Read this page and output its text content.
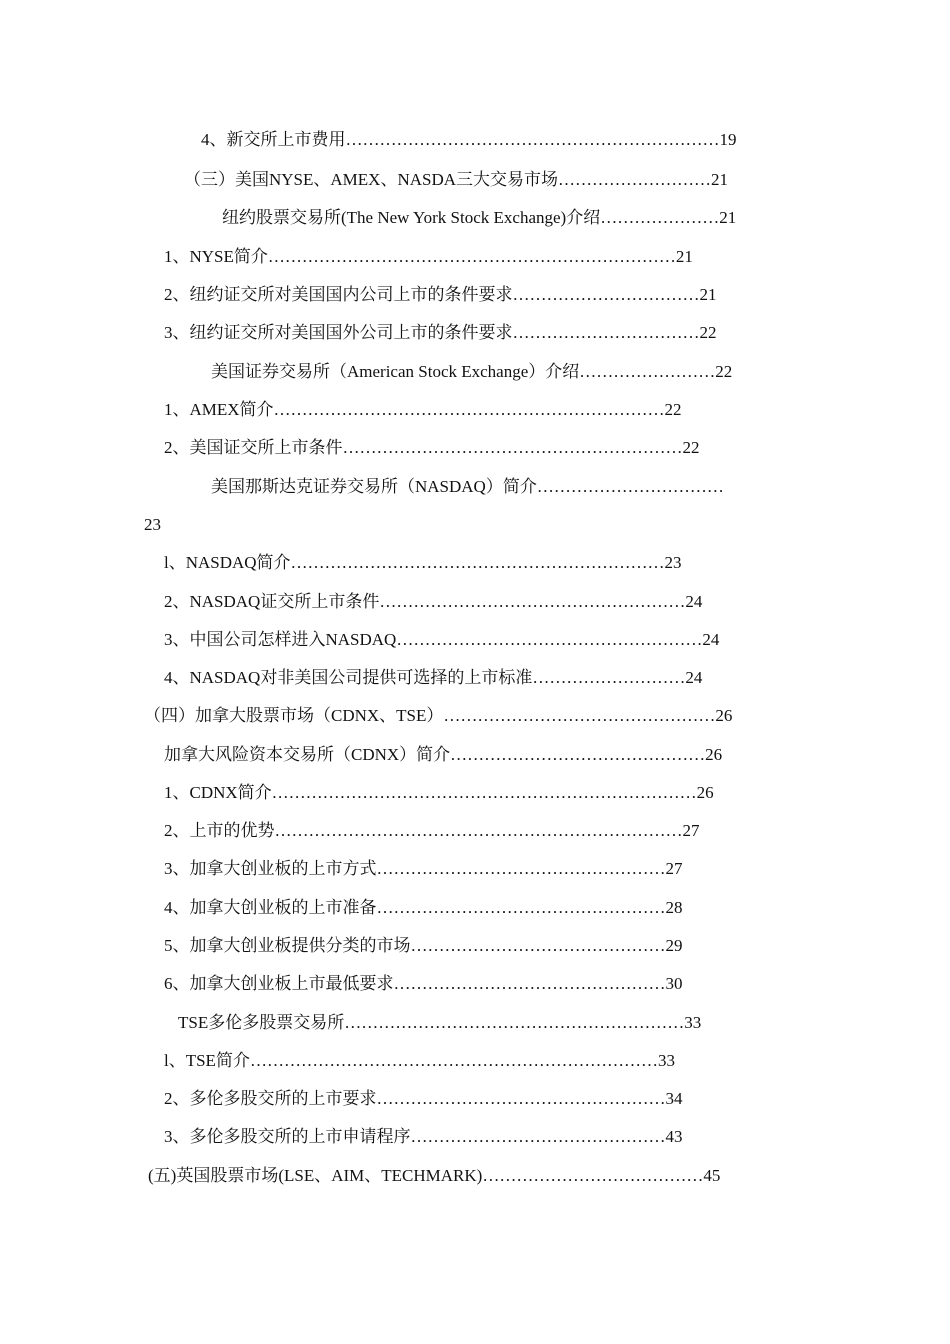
4、新交所上市费用…………………………………………………………19
（三）美国NYSE、AMEX、NASDA三大交易市场………………………21
纽约股票交易所(The New York Stock Exchange)介绍…………………21
1、NYSE简介………………………………………………………………21
2、纽约证交所对美国国内公司上市的条件要求……………………………21
3、纽约证交所对美国国外公司上市的条件要求……………………………22
美国证券交易所（American Stock Exchange）介绍……………………22
1、AMEX简介……………………………………………………………22
2、美国证交所上市条件……………………………………………………22
美国那斯达克证券交易所（NASDAQ）简介……………………………
23
l、NASDAQ简介…………………………………………………………23
2、NASDAQ证交所上市条件………………………………………………24
3、中国公司怎样进入NASDAQ………………………………………………24
4、NASDAQ对非美国公司提供可选择的上市标准………………………24
（四）加拿大股票市场（CDNX、TSE）…………………………………………26
加拿大风险资本交易所（CDNX）简介………………………………………26
1、CDNX简介…………………………………………………………………26
2、上市的优势………………………………………………………………27
3、加拿大创业板的上市方式……………………………………………27
4、加拿大创业板的上市准备……………………………………………28
5、加拿大创业板提供分类的市场………………………………………29
6、加拿大创业板上市最低要求…………………………………………30
TSE多伦多股票交易所……………………………………………………33
l、TSE简介………………………………………………………………33
2、多伦多股交所的上市要求……………………………………………34
3、多伦多股交所的上市申请程序………………………………………43
(五)英国股票市场(LSE、AIM、TECHMARK)…………………………………45
